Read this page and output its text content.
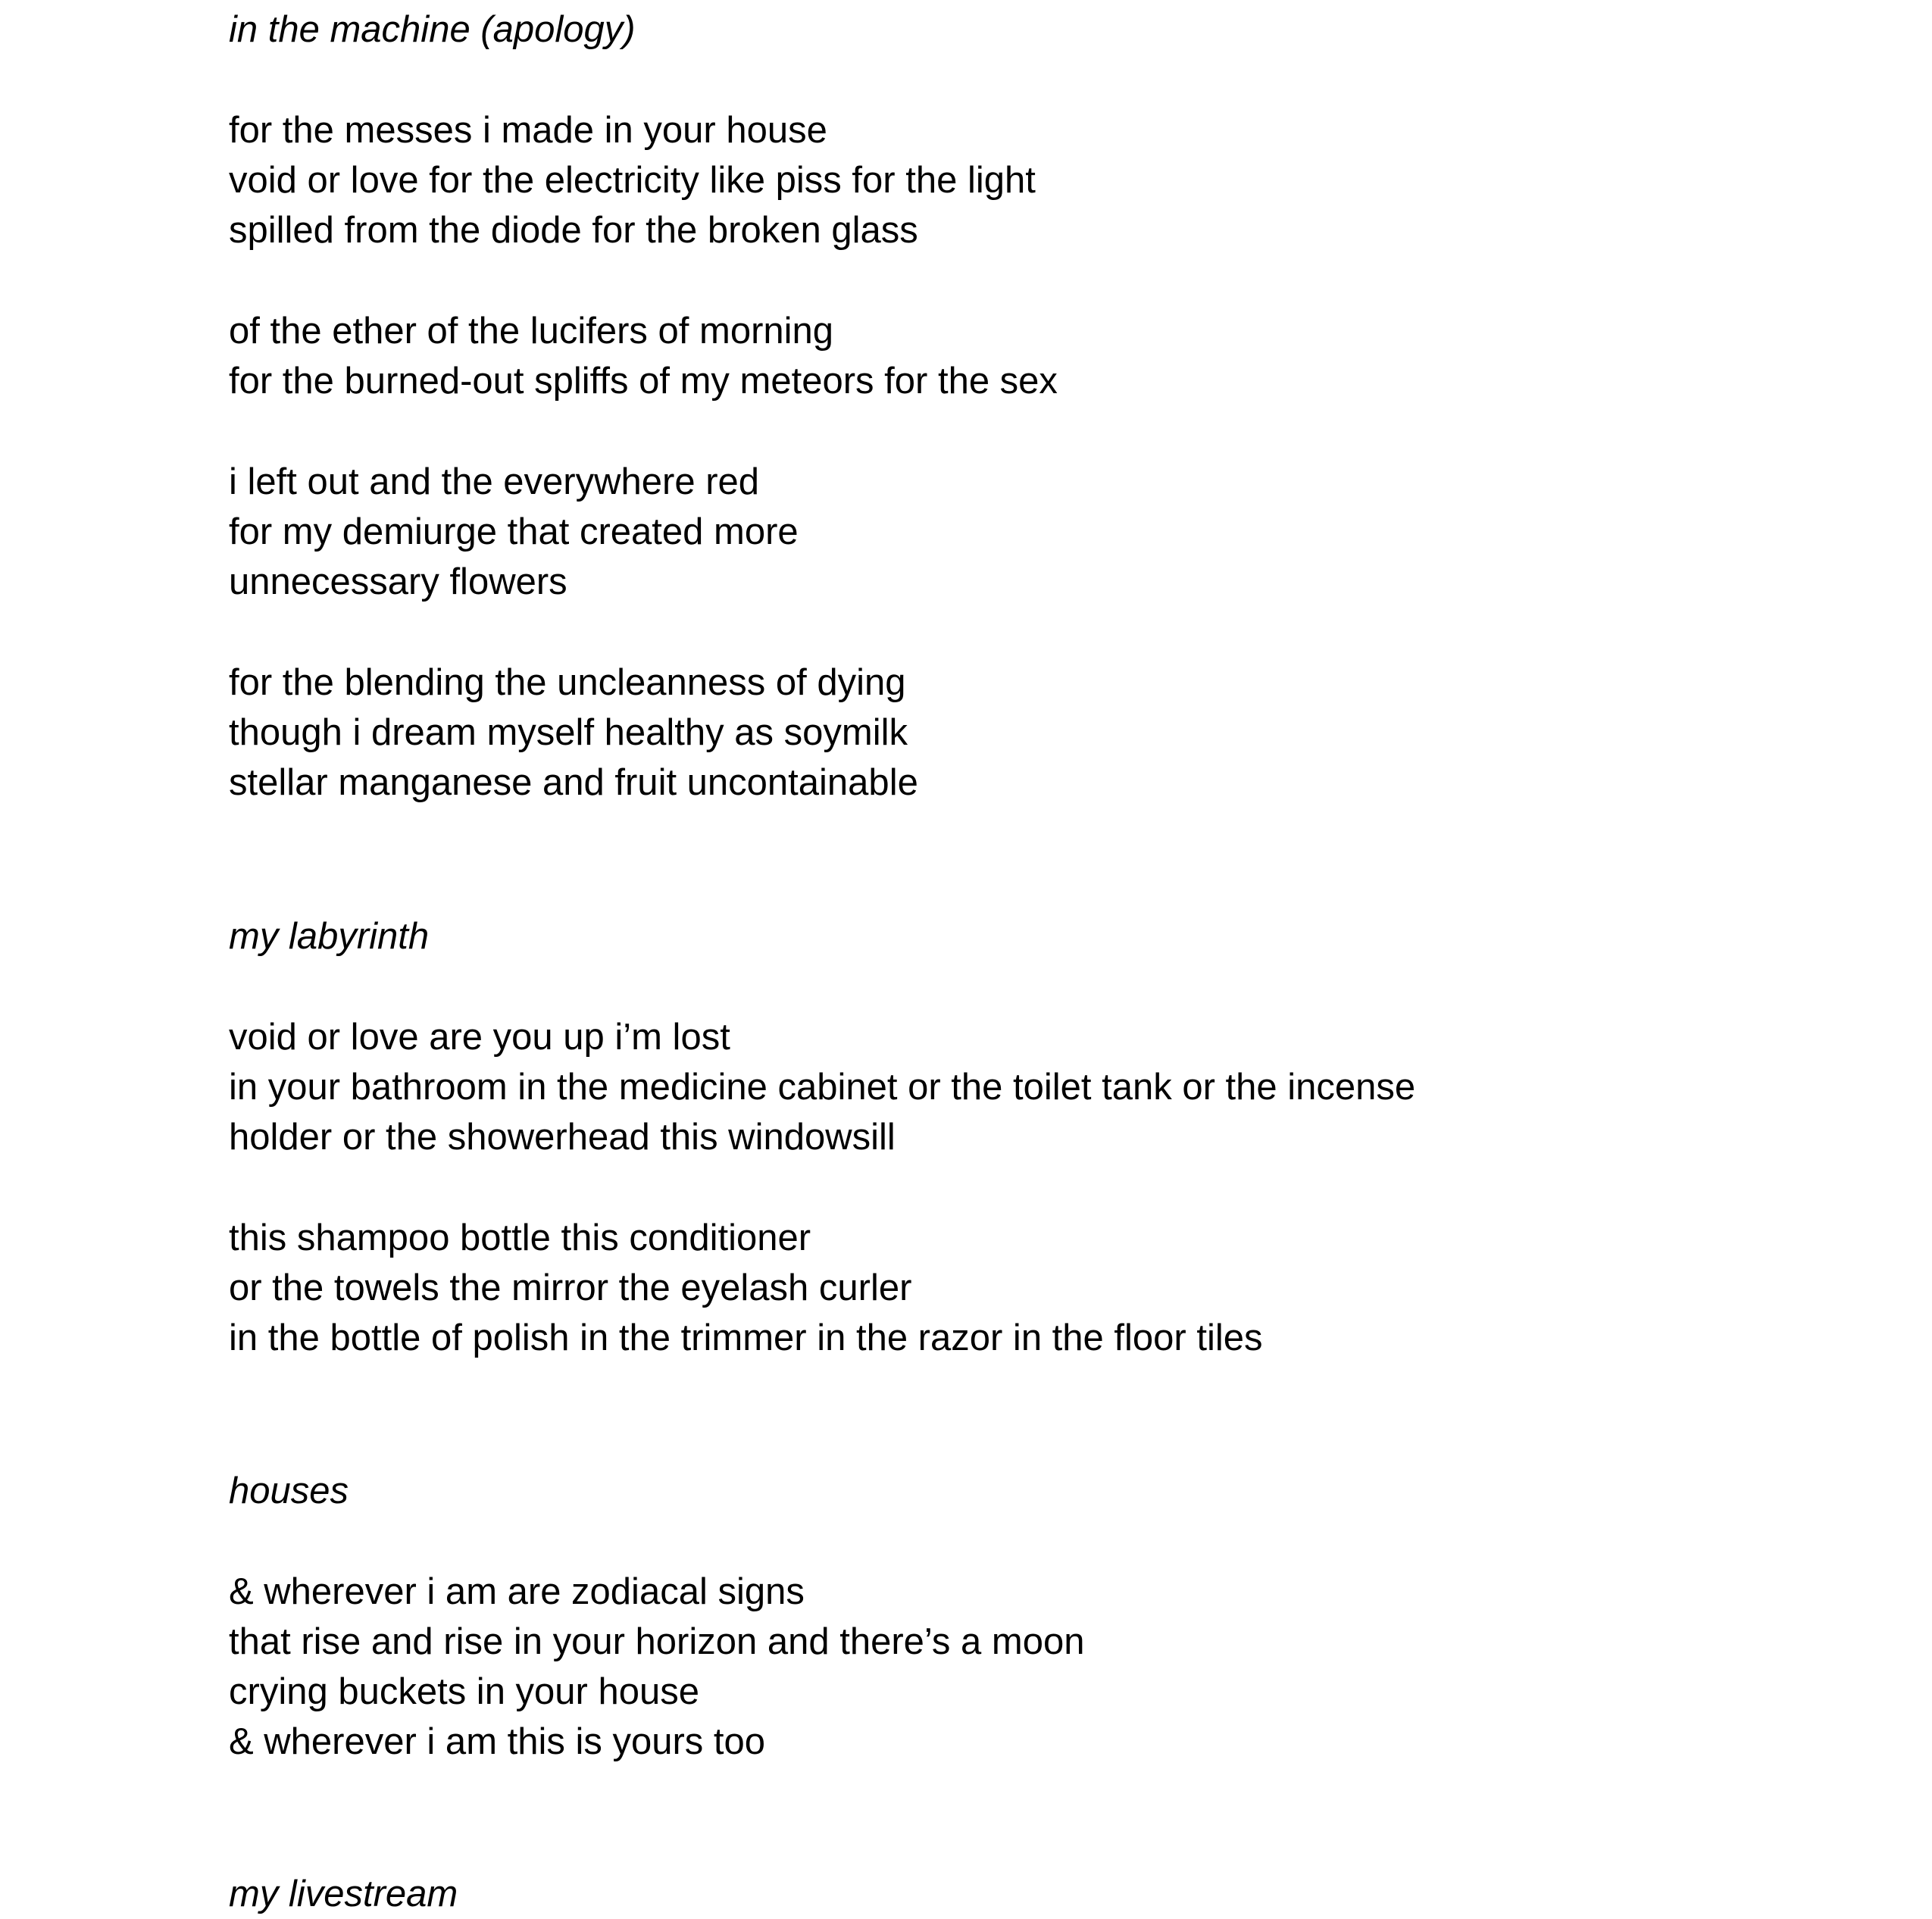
in the machine (apology)

for the messes i made in your house

void or love for the electricity like piss for the light

spilled from the diode for the broken glass

of the ether of the lucifers of morning

for the burned-out spliffs of my meteors for the sex

i left out and the everywhere red

for my demiurge that created more

unnecessary flowers

for the blending the uncleanness of dying

though i dream myself healthy as soymilk

stellar manganese and fruit uncontainable

my labyrinth

void or love are you up i’m lost

in your bathroom in the medicine cabinet or the toilet tank or the incense

holder or the showerhead this windowsill

this shampoo bottle this conditioner

or the towels the mirror the eyelash curler

in the bottle of polish in the trimmer in the razor in the floor tiles

houses

& wherever i am are zodiacal signs

that rise and rise in your horizon and there’s a moon

crying buckets in your house

& wherever i am this is yours too

my livestream
